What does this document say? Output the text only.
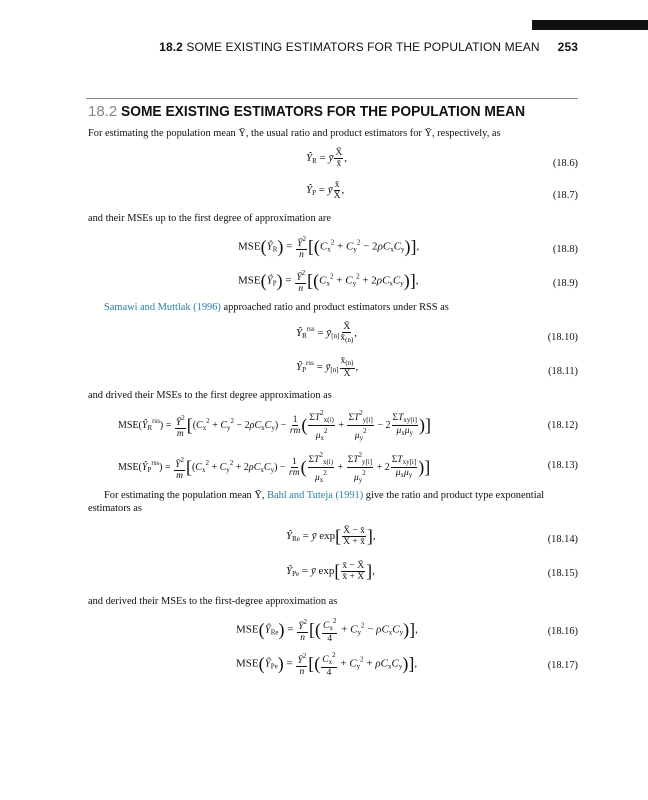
18.2 SOME EXISTING ESTIMATORS FOR THE POPULATION MEAN 253
18.2 SOME EXISTING ESTIMATORS FOR THE POPULATION MEAN
For estimating the population mean Ȳ, the usual ratio and product estimators for Ȳ, respectively, as
$Ŷ_R$ = ȳ $\frac{X̄}{x̄}$ ,	(18.6)
$Ŷ_P$ = ȳ $\frac{x̄}{X̄}$ ,	(18.7)
and their MSEs up to the first degree of approximation are
$MSE(Ŷ_R) = \frac{Ȳ^2}{n} [(C_x^2 + C_y^2 - 2\rho C_xC_y)]$,	(18.8)
$MSE(Ŷ_P) = \frac{Ȳ^2}{n} [(C_x^2 + C_y^2 + 2\rho C_xC_y)]$,	(18.9)
Samawi and Muttlak (1996) approached ratio and product estimators under RSS as
$Ŷ_R^{rss}$ = $ȳ_{[n]} \frac{X̄}{x̄_{(n)}}$ ,	(18.10)
$Ŷ_P^{rss}$ = $ȳ_{[n]} \frac{x̄_{(n)}}{X̄}$ ,	(18.11)
and drived their MSEs to the first degree approximation as
$MSE(Ŷ_R^{rss}) = \frac{Ȳ^2}{m} [(C_x^2 + C_y^2 - 2\rho C_xC_y) - \frac{1}{rm}$ ( $\frac{\Sigma T^2_{x(i)}}{\mu_x^2} + \frac{\Sigma T^2_{y[i]}}{\mu_y^2} - 2 \frac{\Sigma T_{xy[i]}}{\mu_x\mu_y}$ )]	(18.12)
$MSE(Ŷ_P^{rss}) = \frac{Ȳ^2}{m} [(C_x^2 + C_y^2 + 2\rho C_xC_y) - \frac{1}{rm}$ ( $\frac{\Sigma T^2_{x(i)}}{\mu_x^2} + \frac{\Sigma T^2_{y[i]}}{\mu_y^2} + 2 \frac{\Sigma T_{xy[i]}}{\mu_x\mu_y}$ )]	(18.13)
For estimating the population mean Ȳ, Bahl and Tuteja (1991) give the ratio and product type exponential estimators as
$Ŷ_{Re}$ = ȳ $\exp[ \frac{X̄ - x̄}{X̄ + x̄}$ ],	(18.14)
$Ŷ_{Pe}$ = ȳ $\exp[ \frac{x̄ - X̄}{x̄ + X̄}$ ],	(18.15)
and derived their MSEs to the first-degree approximation as
$MSE(Ŷ_{Re}) = \frac{Ȳ^2}{n}$ [( $\frac{C_x^2}{4} + C_y^2 - \rho C_xC_y$)],	(18.16)
$MSE(Ŷ_{Pe}) = \frac{Ȳ^2}{n}$ [( $\frac{C_x^2}{4} + C_y^2 + \rho C_xC_y$)],	(18.17)
